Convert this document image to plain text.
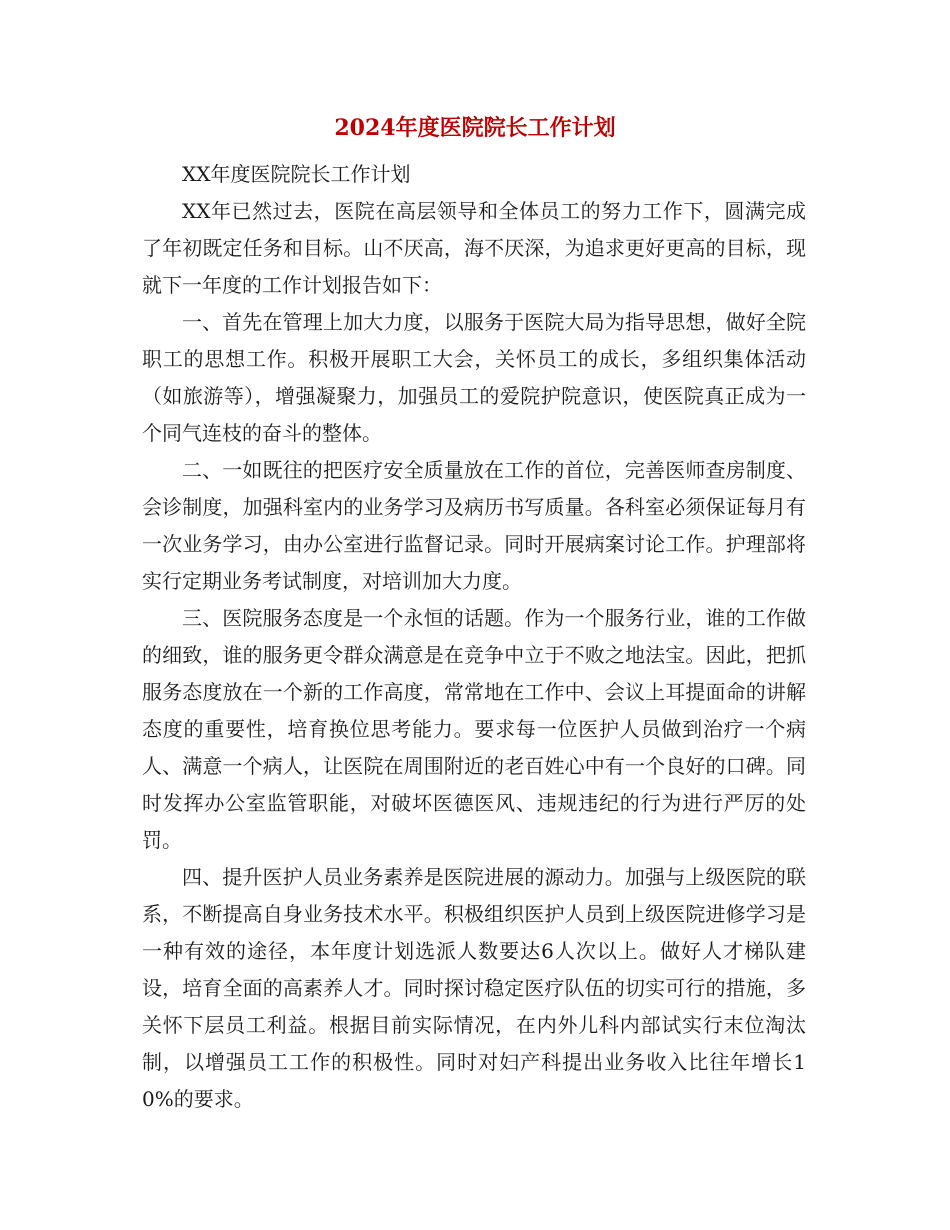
2024年度医院院长工作计划

XX年度医院院长工作计划

XX年已然过去，医院在高层领导和全体员工的努力工作下，圆满完成了年初既定任务和目标。山不厌高，海不厌深，为追求更好更高的目标，现就下一年度的工作计划报告如下：

一、首先在管理上加大力度，以服务于医院大局为指导思想，做好全院职工的思想工作。积极开展职工大会，关怀员工的成长，多组织集体活动（如旅游等），增强凝聚力，加强员工的爱院护院意识，使医院真正成为一个同气连枝的奋斗的整体。

二、一如既往的把医疗安全质量放在工作的首位，完善医师查房制度、会诊制度，加强科室内的业务学习及病历书写质量。各科室必须保证每月有一次业务学习，由办公室进行监督记录。同时开展病案讨论工作。护理部将实行定期业务考试制度，对培训加大力度。

三、医院服务态度是一个永恒的话题。作为一个服务行业，谁的工作做的细致，谁的服务更令群众满意是在竞争中立于不败之地法宝。因此，把抓服务态度放在一个新的工作高度，常常地在工作中、会议上耳提面命的讲解态度的重要性，培育换位思考能力。要求每一位医护人员做到治疗一个病人、满意一个病人，让医院在周围附近的老百姓心中有一个良好的口碑。同时发挥办公室监管职能，对破坏医德医风、违规违纪的行为进行严厉的处罚。

四、提升医护人员业务素养是医院进展的源动力。加强与上级医院的联系，不断提高自身业务技术水平。积极组织医护人员到上级医院进修学习是一种有效的途径，本年度计划选派人数要达6人次以上。做好人才梯队建设，培育全面的高素养人才。同时探讨稳定医疗队伍的切实可行的措施，多关怀下层员工利益。根据目前实际情况，在内外儿科内部试实行末位淘汰制，以增强员工工作的积极性。同时对妇产科提出业务收入比往年增长10%的要求。
